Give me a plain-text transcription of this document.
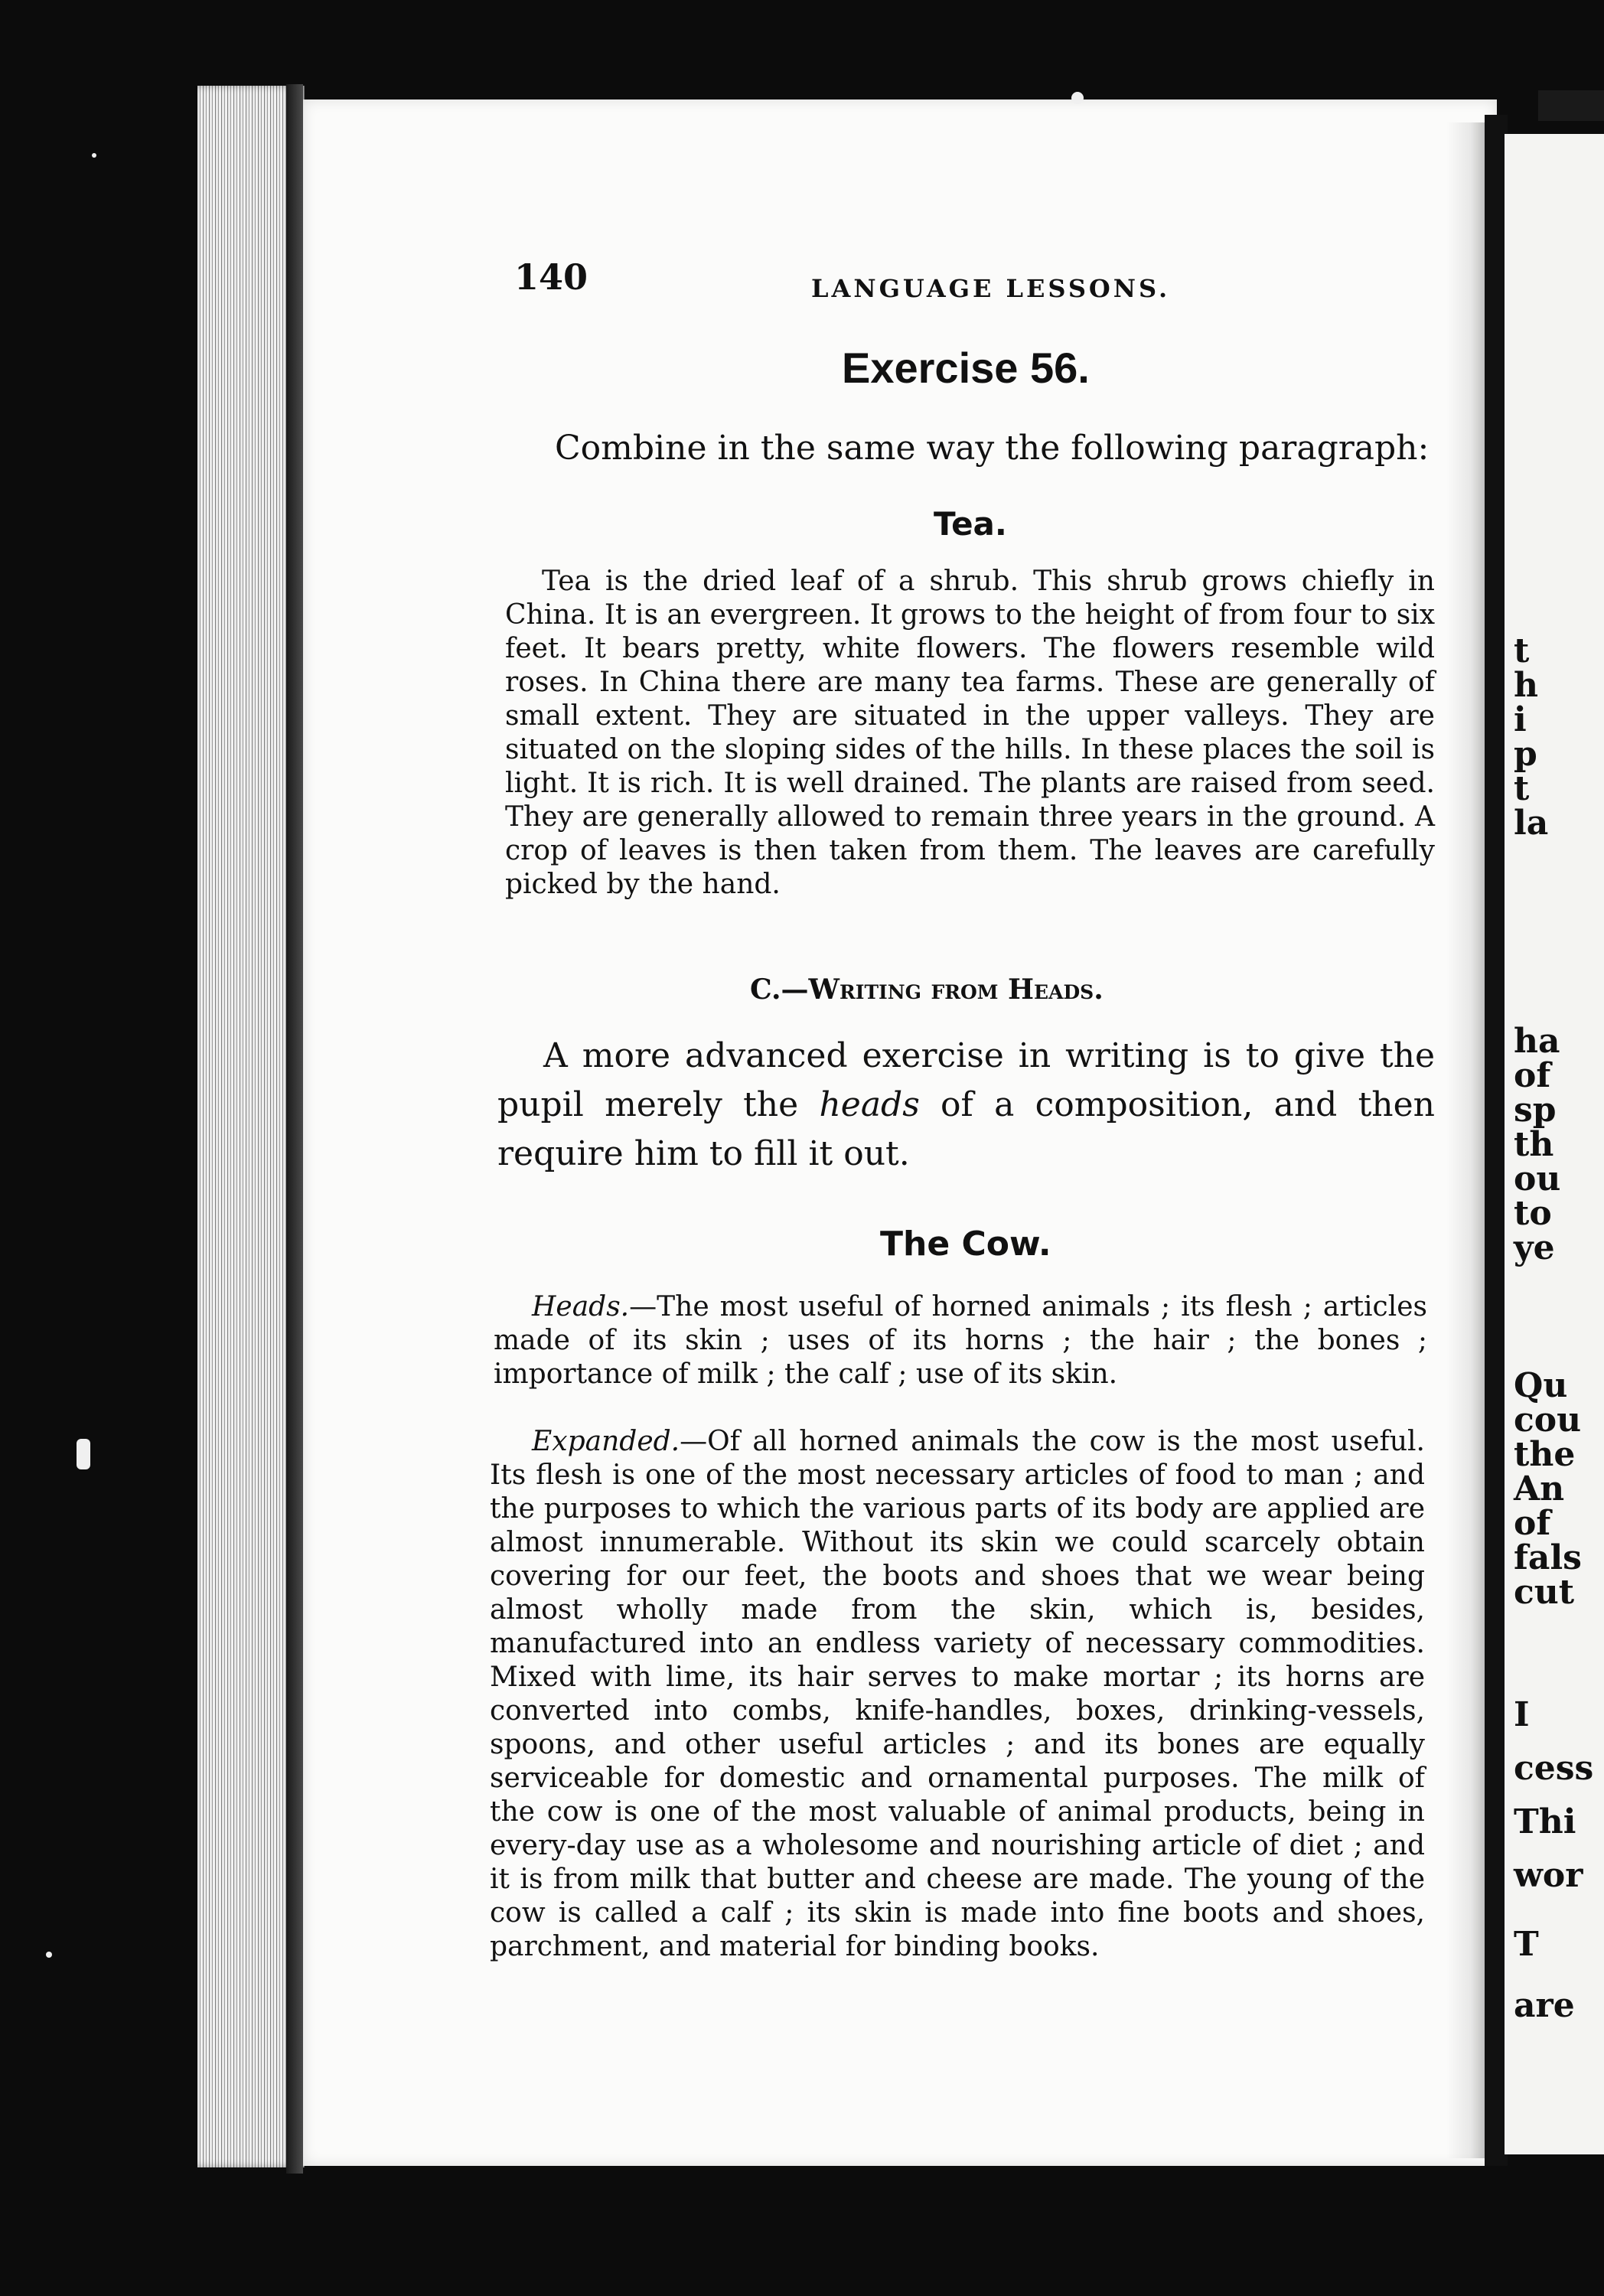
t
h
i
p
t
la
ha
of
sp
th
ou
to
ye
Qu
cou
the
An
of
fals
cut
I
cess
Thi
wor
T
are
140	LANGUAGE LESSONS.
Exercise 56.
Combine in the same way the following paragraph:
Tea.
Tea is the dried leaf of a shrub. This shrub grows chiefly in China. It is an evergreen. It grows to the height of from four to six feet. It bears pretty, white flowers. The flowers resemble wild roses. In China there are many tea farms. These are generally of small extent. They are situated in the upper valleys. They are situated on the sloping sides of the hills. In these places the soil is light. It is rich. It is well drained. The plants are raised from seed. They are generally allowed to remain three years in the ground. A crop of leaves is then taken from them. The leaves are carefully picked by the hand.
C.—Writing from Heads.
A more advanced exercise in writing is to give the pupil merely the heads of a composition, and then require him to fill it out.
The Cow.
Heads.—The most useful of horned animals ; its flesh ; articles made of its skin ; uses of its horns ; the hair ; the bones ; importance of milk ; the calf ; use of its skin.
Expanded.—Of all horned animals the cow is the most useful. Its flesh is one of the most necessary articles of food to man ; and the purposes to which the various parts of its body are applied are almost innumerable. Without its skin we could scarcely obtain covering for our feet, the boots and shoes that we wear being almost wholly made from the skin, which is, besides, manufactured into an endless variety of necessary commodities. Mixed with lime, its hair serves to make mortar ; its horns are converted into combs, knife-handles, boxes, drinking-vessels, spoons, and other useful articles ; and its bones are equally serviceable for domestic and ornamental purposes. The milk of the cow is one of the most valuable of animal products, being in every-day use as a wholesome and nourishing article of diet ; and it is from milk that butter and cheese are made. The young of the cow is called a calf ; its skin is made into fine boots and shoes, parchment, and material for binding books.
